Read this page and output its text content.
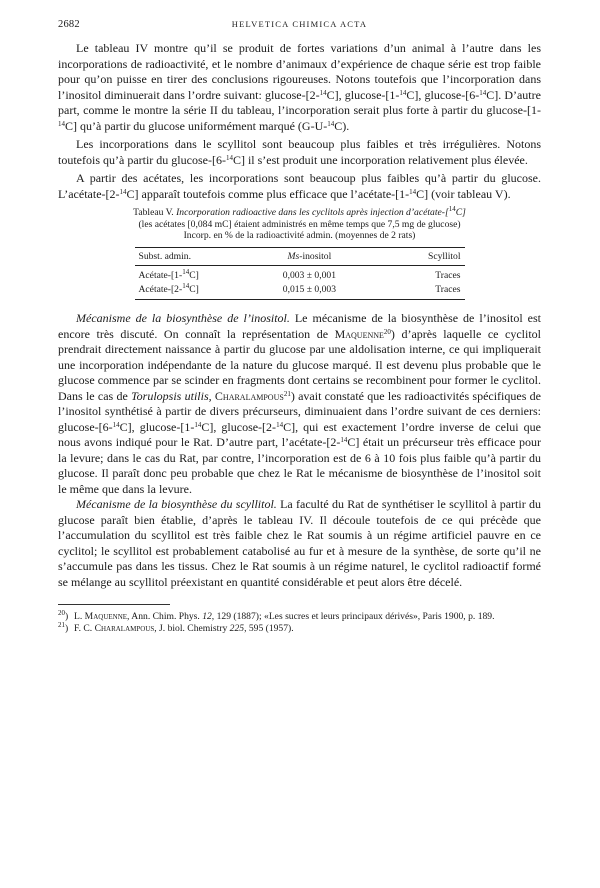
2682	HELVETICA CHIMICA ACTA

Le tableau IV montre qu’il se produit de fortes variations d’un animal à l’autre dans les incorporations de radioactivité, et le nombre d’animaux d’expérience de chaque série est trop faible pour qu’on puisse en tirer des conclusions rigoureuses. Notons toutefois que l’incorporation dans l’inositol diminuerait dans l’ordre suivant: glucose-[2-$^{14}$C], glucose-[1-$^{14}$C], glucose-[6-$^{14}$C]. D’autre part, comme le montre la série II du tableau, l’incorporation serait plus forte à partir du glucose-[1-$^{14}$C] qu’à partir du glucose uniformément marqué (G-U-$^{14}$C).

Les incorporations dans le scyllitol sont beaucoup plus faibles et très irrégulières. Notons toutefois qu’à partir du glucose-[6-$^{14}$C] il s’est produit une incorporation relativement plus élevée.

A partir des acétates, les incorporations sont beaucoup plus faibles qu’à partir du glucose. L’acétate-[2-$^{14}$C] apparaît toutefois comme plus efficace que l’acétate-[1-$^{14}$C] (voir tableau V).

Tableau V. Incorporation radioactive dans les cyclitols après injection d’acétate-[$^{14}$C]

(les acétates [0,084 mC] étaient administrés en même temps que 7,5 mg de glucose)

Incorp. en % de la radioactivité admin. (moyennes de 2 rats)

Subst. admin.	Ms-inositol	Scyllitol
Acétate-[1-$^{14}$C]	0,003 ± 0,001	Traces
Acétate-[2-$^{14}$C]	0,015 ± 0,003	Traces

Mécanisme de la biosynthèse de l’inositol. Le mécanisme de la biosynthèse de l’inositol est encore très discuté. On connaît la représentation de Maquenne$^{20}$) d’après laquelle ce cyclitol prendrait directement naissance à partir du glucose par une aldolisation interne, ce qui impliquerait une incorporation indépendante de la nature du glucose marqué. Il est devenu plus probable que le glucose commence par se scinder en fragments dont certains se recombinent pour former le cyclitol. Dans le cas de Torulopsis utilis, Charalampous$^{21}$) avait constaté que les radioactivités spécifiques de l’inositol synthétisé à partir de divers précurseurs, diminuaient dans l’ordre suivant de ces derniers: glucose-[6-$^{14}$C], glucose-[1-$^{14}$C], glucose-[2-$^{14}$C], qui est exactement l’ordre inverse de celui que nous avons indiqué pour le Rat. D’autre part, l’acétate-[2-$^{14}$C] était un précurseur très efficace pour la levure; dans le cas du Rat, par contre, l’incorporation est de 6 à 10 fois plus faible qu’à partir du glucose. Il paraît donc peu probable que chez le Rat le mécanisme de biosynthèse de l’inositol soit le même que dans la levure.

Mécanisme de la biosynthèse du scyllitol. La faculté du Rat de synthétiser le scyllitol à partir du glucose paraît bien établie, d’après le tableau IV. Il découle toutefois de ce qui précède que l’accumulation du scyllitol est très faible chez le Rat soumis à un régime artificiel pauvre en ce cyclitol; le scyllitol est probablement catabolisé au fur et à mesure de la synthèse, de sorte qu’il ne s’accumule pas dans les tissus. Chez le Rat soumis à un régime naturel, le cyclitol radioactif formé se mélange au scyllitol préexistant en quantité considérable et peut alors être décelé.

$^{20}$) L. Maquenne, Ann. Chim. Phys. 12, 129 (1887); «Les sucres et leurs principaux dérivés», Paris 1900, p. 189.

$^{21}$) F. C. Charalampous, J. biol. Chemistry 225, 595 (1957).
